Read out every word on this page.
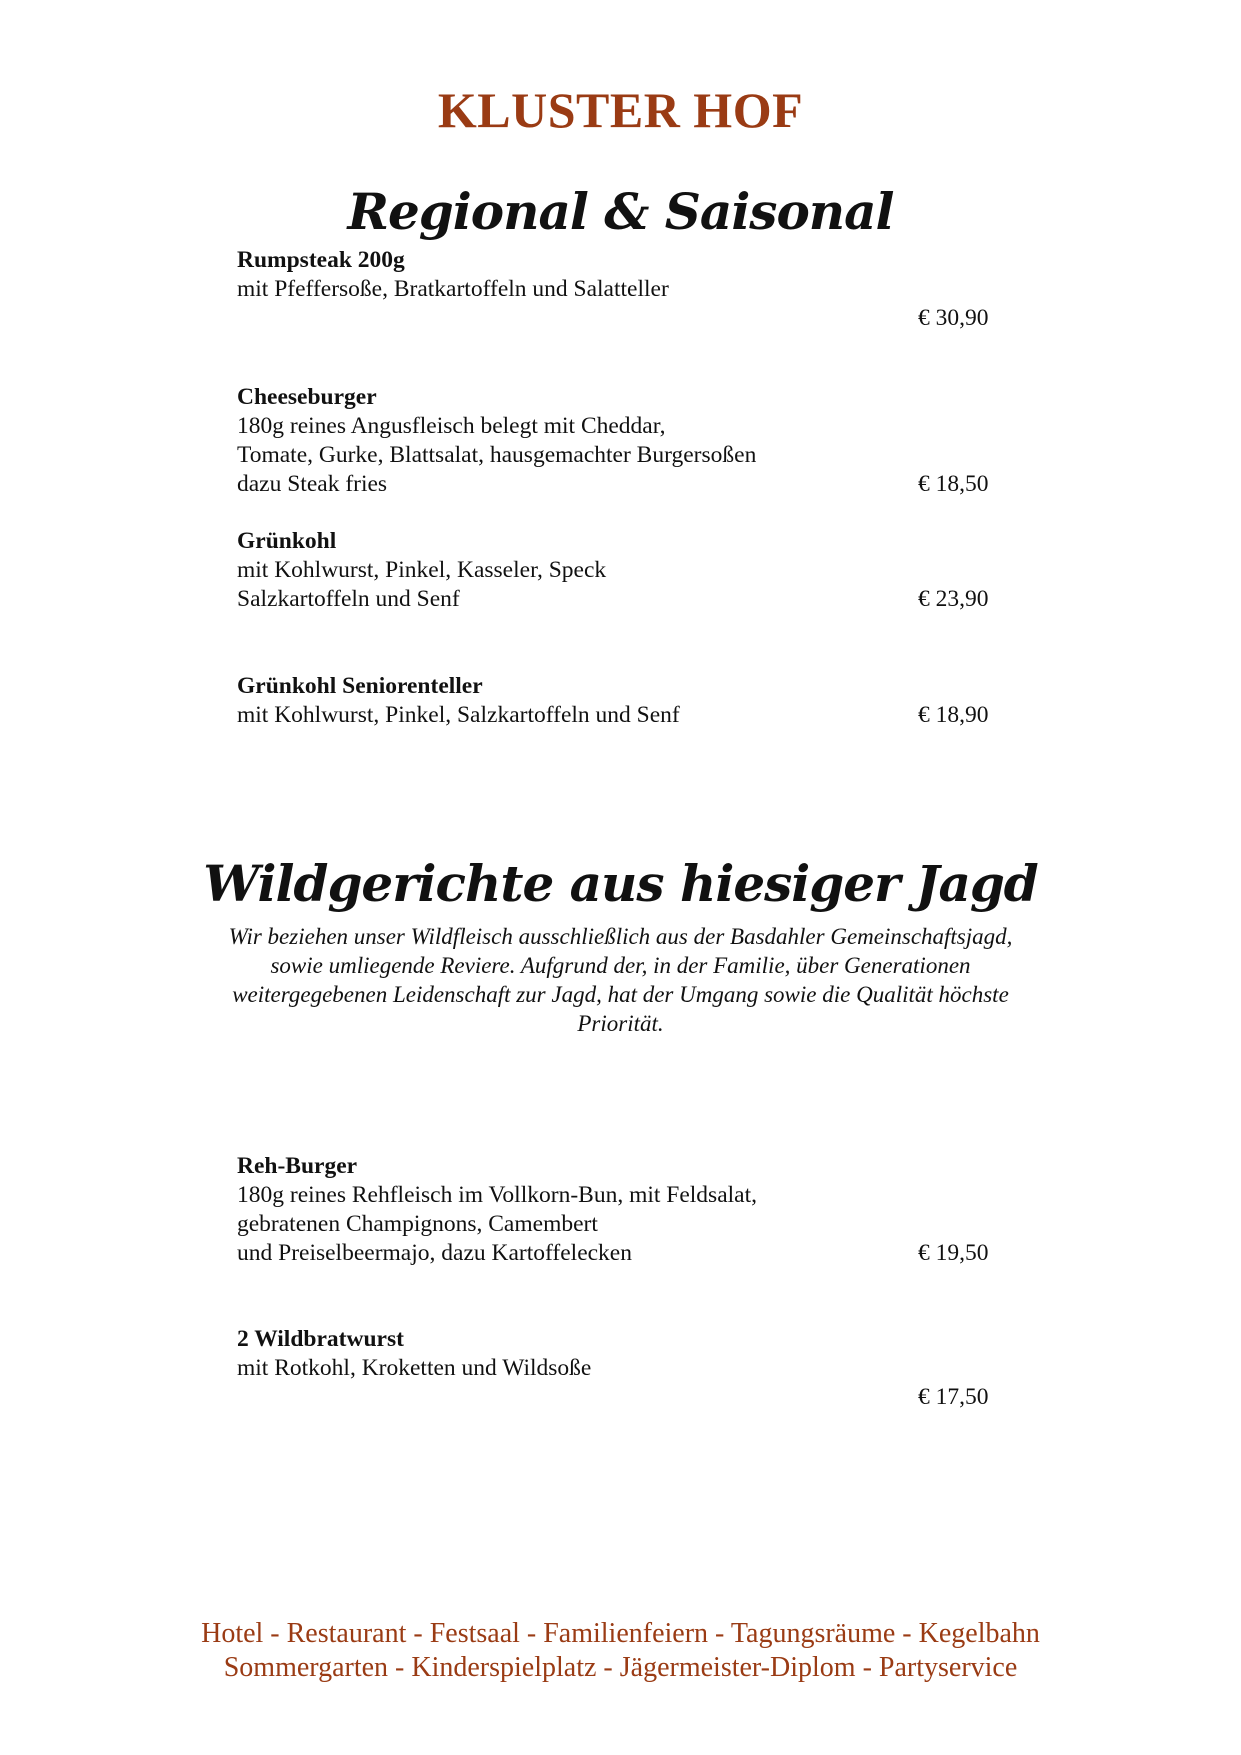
KLUSTER HOF
Regional & Saisonal
Rumpsteak 200g
mit Pfeffersoße, Bratkartoffeln und Salatteller
€ 30,90
Cheeseburger
180g reines Angusfleisch belegt mit Cheddar,
Tomate, Gurke, Blattsalat, hausgemachter Burgersoßen
dazu Steak fries	€ 18,50
Grünkohl
mit Kohlwurst, Pinkel, Kasseler, Speck
Salzkartoffeln und Senf	€ 23,90
Grünkohl Seniorenteller
mit Kohlwurst, Pinkel, Salzkartoffeln und Senf	€ 18,90
Wildgerichte aus hiesiger Jagd
Wir beziehen unser Wildfleisch ausschließlich aus der Basdahler Gemeinschaftsjagd,
sowie umliegende Reviere. Aufgrund der, in der Familie, über Generationen
weitergegebenen Leidenschaft zur Jagd, hat der Umgang sowie die Qualität höchste
Priorität.
Reh-Burger
180g reines Rehfleisch im Vollkorn-Bun, mit Feldsalat,
gebratenen Champignons, Camembert
und Preiselbeermajo, dazu Kartoffelecken	€ 19,50
2 Wildbratwurst
mit Rotkohl, Kroketten und Wildsoße
€ 17,50
Hotel - Restaurant - Festsaal - Familienfeiern - Tagungsräume - Kegelbahn
Sommergarten - Kinderspielplatz - Jägermeister-Diplom - Partyservice
